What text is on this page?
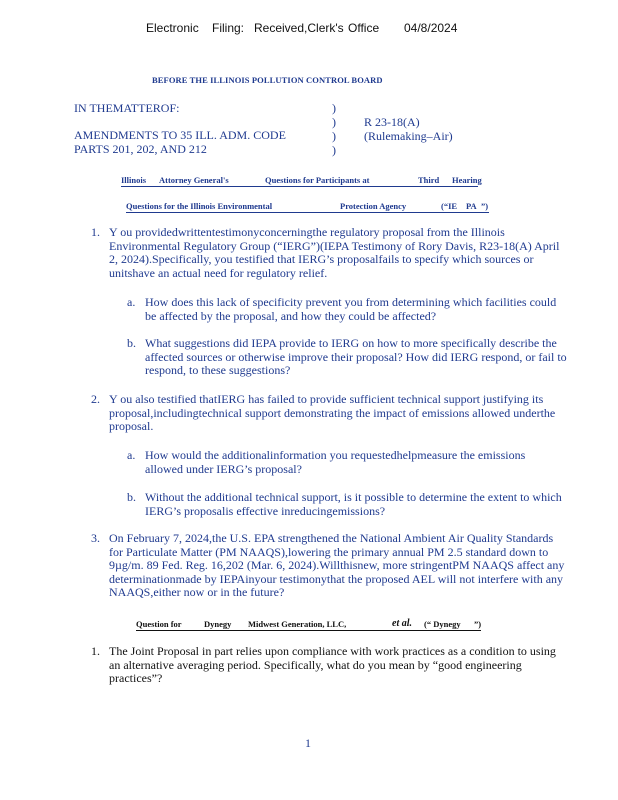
Electronic Filing: Received,Clerk's Office 04/8/2024
BEFORE THE ILLINOIS POLLUTION CONTROL BOARD
IN THEMATTEROF:
AMENDMENTS TO 35 ILL. ADM. CODE
PARTS 201, 202, AND 212
)
)
)
)
R 23-18(A)
(Rulemaking–Air)
Illinois Attorney General's	Questions for Participants at	Third Hearing
Questions for the Illinois Environmental	Protection Agency	(“IE PA ”)
1. Y ou providedwrittentestimonyconcerningthe regulatory proposal from the Illinois Environmental Regulatory Group (“IERG”)(IEPA Testimony of Rory Davis, R23-18(A) April 2, 2024).Specifically, you testified that IERG’s proposalfails to specify which sources or unitshave an actual need for regulatory relief.
a. How does this lack of specificity prevent you from determining which facilities could be affected by the proposal, and how they could be affected?
b. What suggestions did IEPA provide to IERG on how to more specifically describe the affected sources or otherwise improve their proposal? How did IERG respond, or fail to respond, to these suggestions?
2. Y ou also testified thatIERG has failed to provide sufficient technical support justifying its proposal,includingtechnical support demonstrating the impact of emissions allowed underthe proposal.
a. How would the additionalinformation you requestedhelpmeasure the emissions allowed under IERG’s proposal?
b. Without the additional technical support, is it possible to determine the extent to which IERG’s proposalis effective inreducingemissions?
3. On February 7, 2024,the U.S. EPA strengthened the National Ambient Air Quality Standards for Particulate Matter (PM NAAQS),lowering the primary annual PM 2.5 standard down to 9µg/m. 89 Fed. Reg. 16,202 (Mar. 6, 2024).Willthisnew, more stringentPM NAAQS affect any determinationmade by IEPAinyour testimonythat the proposed AEL will not interfere with any NAAQS,either now or in the future?
Question for	Dynegy Midwest Generation, LLC,	et al. (“ Dynegy ”)
1. The Joint Proposal in part relies upon compliance with work practices as a condition to using an alternative averaging period. Specifically, what do you mean by “good engineering practices”?
1
